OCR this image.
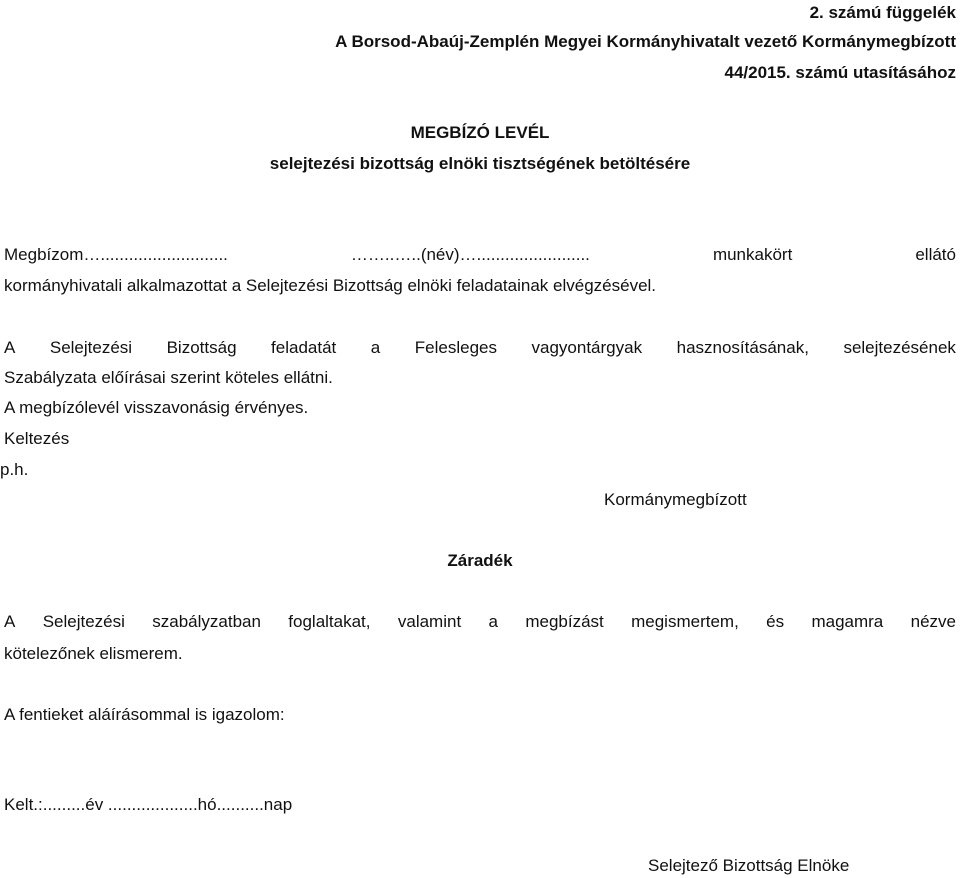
2. számú függelék
A Borsod-Abaúj-Zemplén Megyei Kormányhivatalt vezető Kormánymegbízott
44/2015. számú utasításához
MEGBÍZÓ LEVÉL
selejtezési bizottság elnöki tisztségének betöltésére
Megbízom…...........................	……..…..(név)…........................	munkakört	ellátó
kormányhivatali alkalmazottat a Selejtezési Bizottság elnöki feladatainak elvégzésével.
A Selejtezési Bizottság feladatát a Felesleges vagyontárgyak hasznosításának, selejtezésének
Szabályzata előírásai szerint köteles ellátni.
A megbízólevél visszavonásig érvényes.
Keltezés
p.h.
Kormánymegbízott
Záradék
A Selejtezési szabályzatban foglaltakat, valamint a megbízást megismertem, és magamra nézve
kötelezőnek elismerem.
A fentieket aláírásommal is igazolom:
Kelt.:.........év ...................hó..........nap
Selejtező Bizottság Elnöke
